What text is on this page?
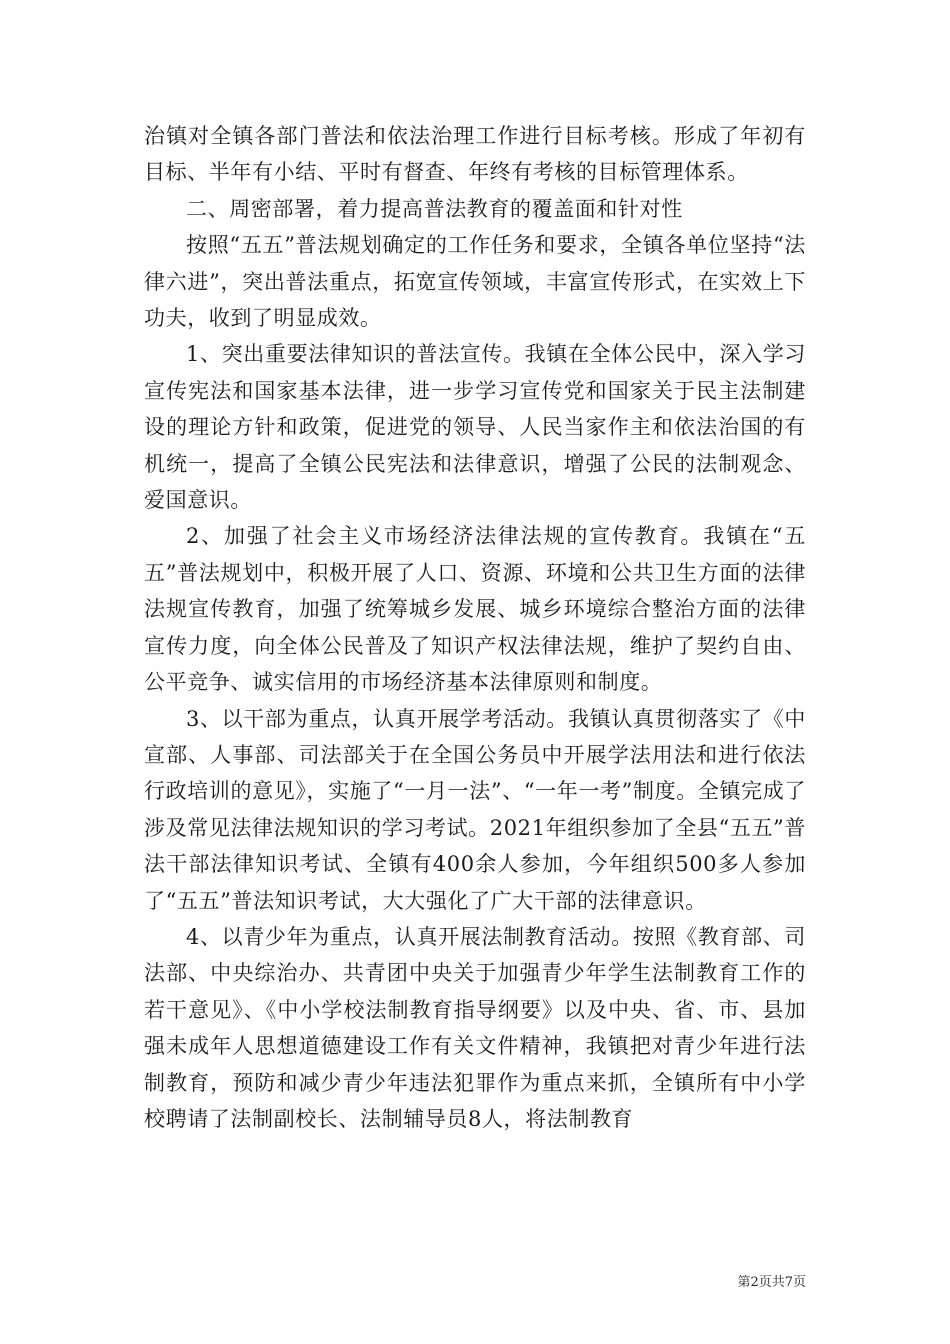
治镇对全镇各部门普法和依法治理工作进行目标考核。形成了年初有目标、半年有小结、平时有督查、年终有考核的目标管理体系。

二、周密部署，着力提高普法教育的覆盖面和针对性

按照“五五”普法规划确定的工作任务和要求，全镇各单位坚持“法律六进”，突出普法重点，拓宽宣传领域，丰富宣传形式，在实效上下功夫，收到了明显成效。

1、突出重要法律知识的普法宣传。我镇在全体公民中，深入学习宣传宪法和国家基本法律，进一步学习宣传党和国家关于民主法制建设的理论方针和政策，促进党的领导、人民当家作主和依法治国的有机统一，提高了全镇公民宪法和法律意识，增强了公民的法制观念、爱国意识。

2、加强了社会主义市场经济法律法规的宣传教育。我镇在“五五”普法规划中，积极开展了人口、资源、环境和公共卫生方面的法律法规宣传教育，加强了统筹城乡发展、城乡环境综合整治方面的法律宣传力度，向全体公民普及了知识产权法律法规，维护了契约自由、公平竞争、诚实信用的市场经济基本法律原则和制度。

3、以干部为重点，认真开展学考活动。我镇认真贯彻落实了《中宣部、人事部、司法部关于在全国公务员中开展学法用法和进行依法行政培训的意见》，实施了“一月一法”、“一年一考”制度。全镇完成了涉及常见法律法规知识的学习考试。2021年组织参加了全县“五五”普法干部法律知识考试、全镇有400余人参加，今年组织500多人参加了“五五”普法知识考试，大大强化了广大干部的法律意识。

4、以青少年为重点，认真开展法制教育活动。按照《教育部、司法部、中央综治办、共青团中央关于加强青少年学生法制教育工作的若干意见》、《中小学校法制教育指导纲要》以及中央、省、市、县加强未成年人思想道德建设工作有关文件精神，我镇把对青少年进行法制教育，预防和减少青少年违法犯罪作为重点来抓，全镇所有中小学校聘请了法制副校长、法制辅导员8人，将法制教育

第2页共7页
